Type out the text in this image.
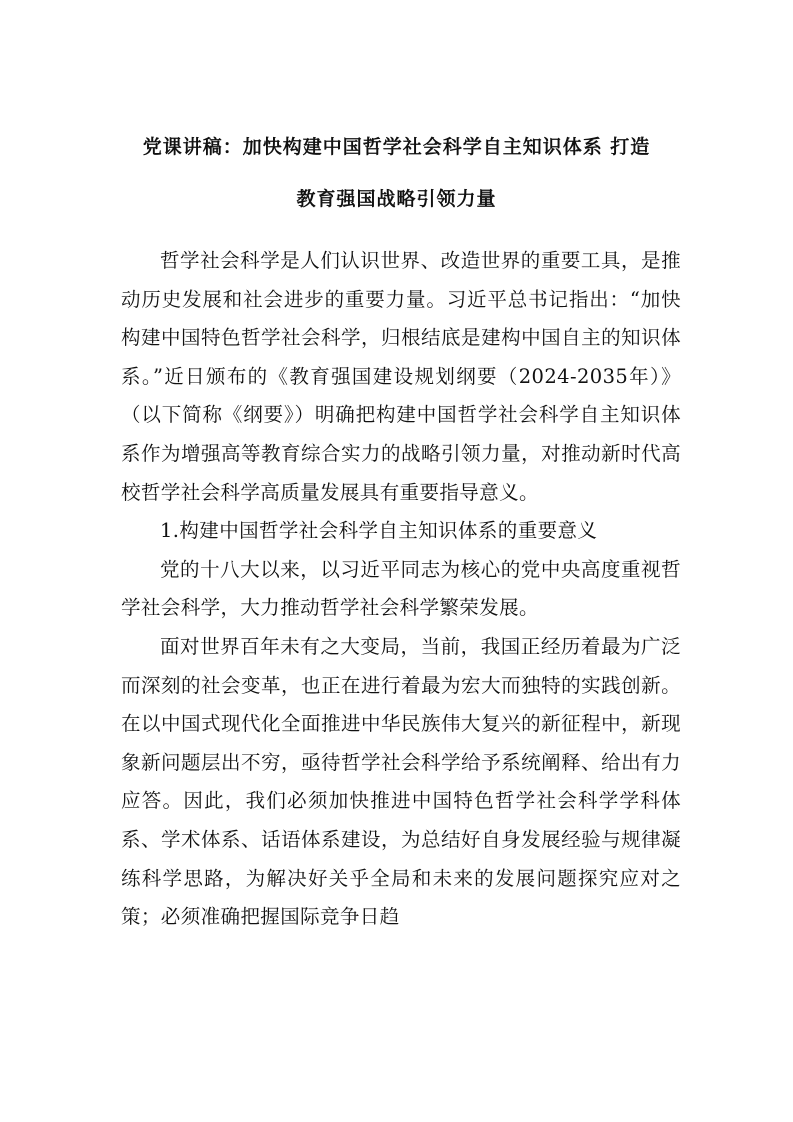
党课讲稿：加快构建中国哲学社会科学自主知识体系 打造
教育强国战略引领力量

哲学社会科学是人们认识世界、改造世界的重要工具，是推动历史发展和社会进步的重要力量。习近平总书记指出：“加快构建中国特色哲学社会科学，归根结底是建构中国自主的知识体系。”近日颁布的《教育强国建设规划纲要（2024-2035年）》（以下简称《纲要》）明确把构建中国哲学社会科学自主知识体系作为增强高等教育综合实力的战略引领力量，对推动新时代高校哲学社会科学高质量发展具有重要指导意义。

1.构建中国哲学社会科学自主知识体系的重要意义

党的十八大以来，以习近平同志为核心的党中央高度重视哲学社会科学，大力推动哲学社会科学繁荣发展。

面对世界百年未有之大变局，当前，我国正经历着最为广泛而深刻的社会变革，也正在进行着最为宏大而独特的实践创新。在以中国式现代化全面推进中华民族伟大复兴的新征程中，新现象新问题层出不穷，亟待哲学社会科学给予系统阐释、给出有力应答。因此，我们必须加快推进中国特色哲学社会科学学科体系、学术体系、话语体系建设，为总结好自身发展经验与规律凝练科学思路，为解决好关乎全局和未来的发展问题探究应对之策；必须准确把握国际竞争日趋
